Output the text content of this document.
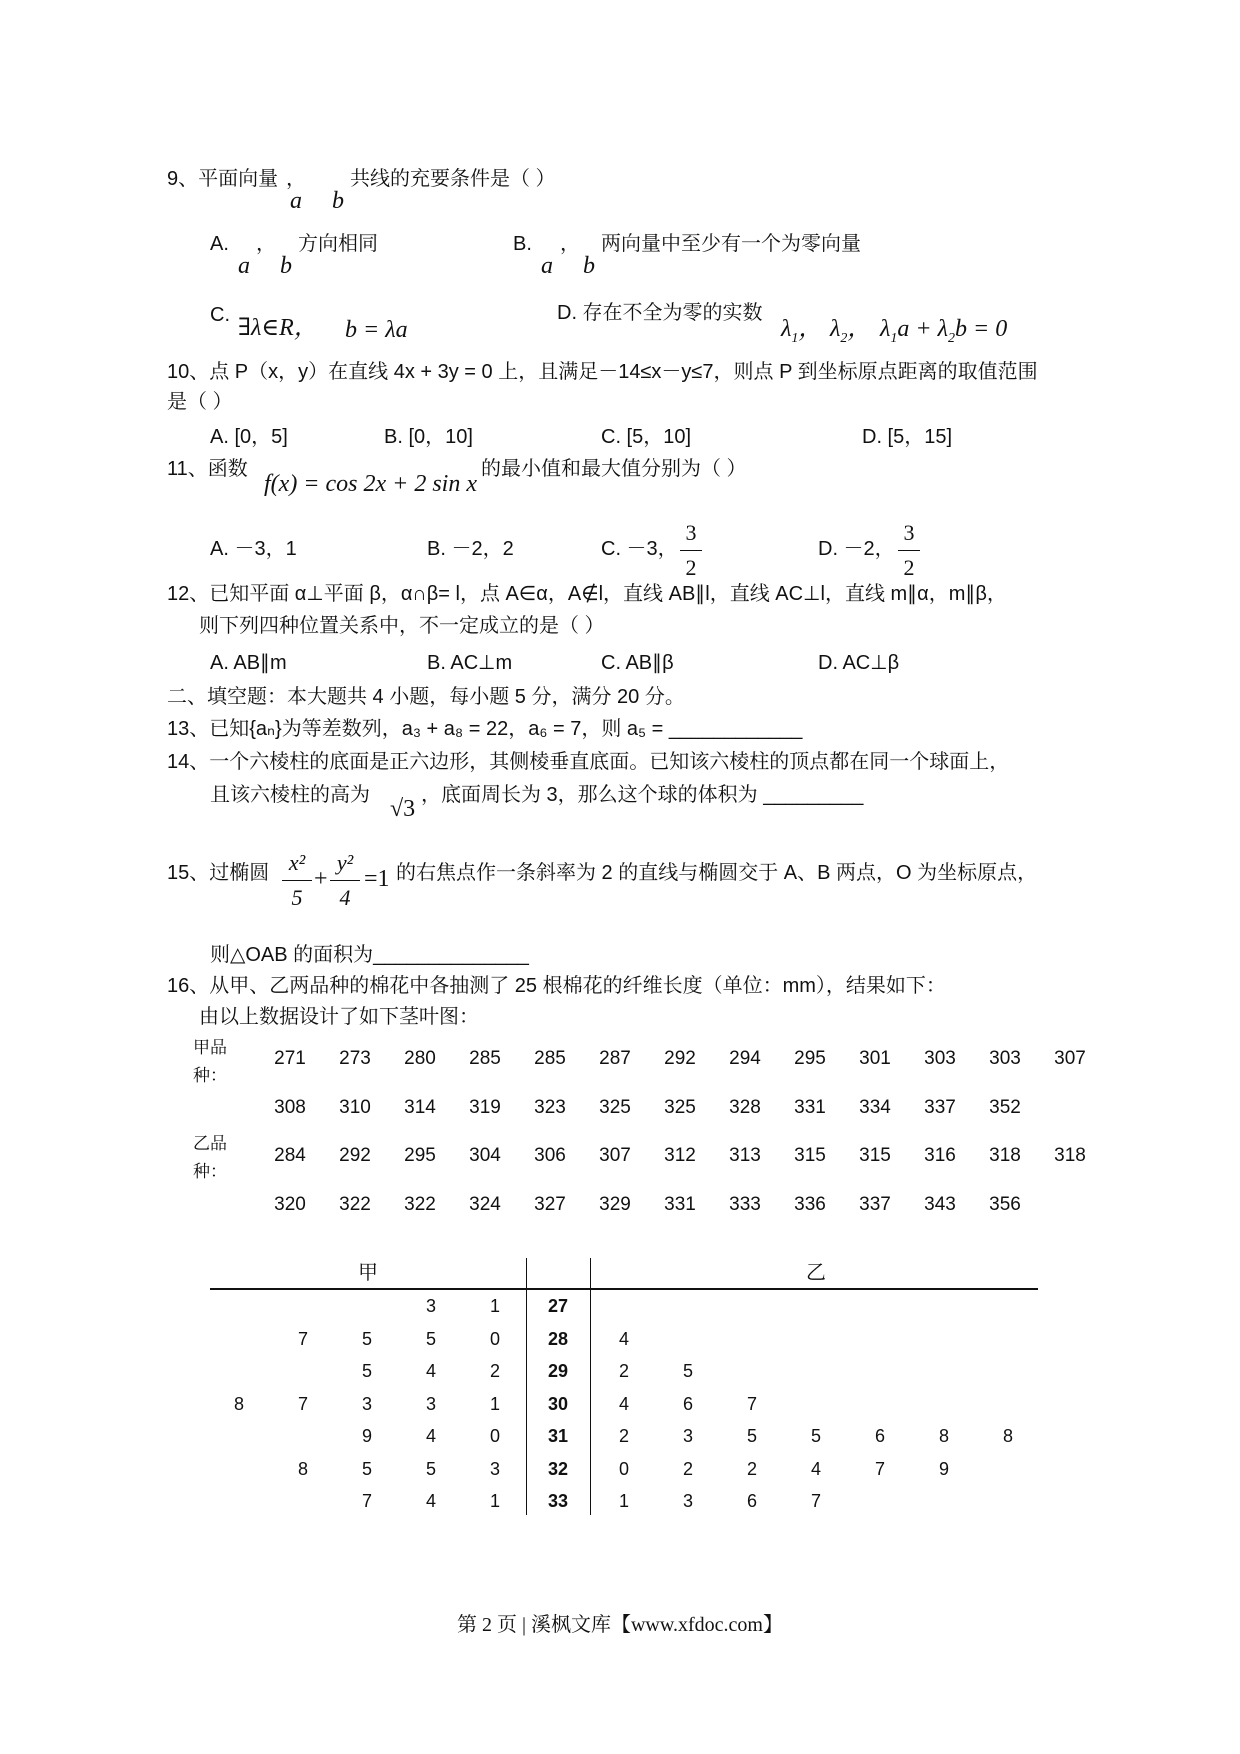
9、平面向量 ，
a b
共线的充要条件是（ ）
A. ，
a b
方向相同	B. ，
a b
两向量中至少有一个为零向量
C. ∃λ∈R， b = λa
D. 存在不全为零的实数
$\lambda_1$， $\lambda_2$， $\lambda_1a + \lambda_2b = 0$
10、点 P（x，y）在直线 4x + 3y = 0 上，且满足－14≤x－y≤7，则点 P 到坐标原点距离的取值范围
是（ ）
A. [0，5]	B. [0，10]	C. [5，10]	D. [5，15]
11、函数
f(x) = cos 2x + 2 sin x
的最小值和最大值分别为（ ）
A. －3，1	B. －2，2	C. －3，
3
2
D. －2，
3
2
12、已知平面 α⊥平面 β，α∩β= l，点 A∈α，A∉l，直线 AB∥l，直线 AC⊥l，直线 m∥α，m∥β，
则下列四种位置关系中，不一定成立的是（ ）
A. AB∥m	B. AC⊥m	C. AB∥β	D. AC⊥β
二、填空题：本大题共 4 小题，每小题 5 分，满分 20 分。
13、已知{aₙ}为等差数列，a₃ + a₈ = 22，a₆ = 7，则 a₅ = ____________
14、一个六棱柱的底面是正六边形，其侧棱垂直底面。已知该六棱柱的顶点都在同一个球面上，
且该六棱柱的高为
√3
，底面周长为 3，那么这个球的体积为 _________
15、过椭圆 x²
5
+
y²
4
=1 的右焦点作一条斜率为 2 的直线与椭圆交于 A、B 两点，O 为坐标原点，
则△OAB 的面积为______________
16、从甲、乙两品种的棉花中各抽测了 25 根棉花的纤维长度（单位：mm），结果如下：
由以上数据设计了如下茎叶图：
甲品
种：
乙品
种：
271	273	280	285	285	287	292	294	295	301	303	303	307
308	310	314	319	323	325	325	328	331	334	337	352
284	292	295	304	306	307	312	313	315	315	316	318	318
320	322	322	324	327	329	331	333	336	337	343	356
甲	乙
3	1	27
7	5	5	0	28	4
5	4	2	29	2	5
8	7	3	3	1	30	4	6	7
9	4	0	31	2	3	5	5	6	8	8
8	5	5	3	32	0	2	2	4	7	9
7	4	1	33	1	3	6	7
第 2 页 | 溪枫文库【www.xfdoc.com】
